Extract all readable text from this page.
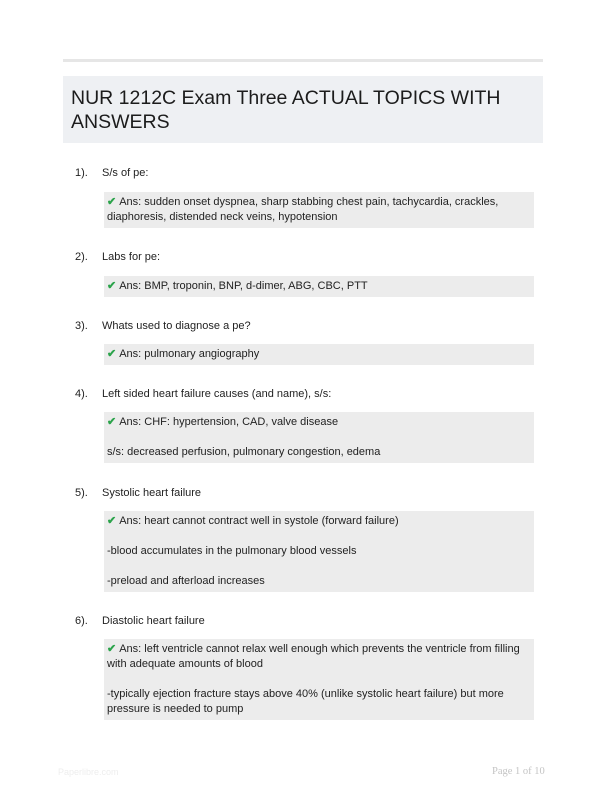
NUR 1212C Exam Three ACTUAL TOPICS WITH ANSWERS
1). S/s of pe:

✔ Ans: sudden onset dyspnea, sharp stabbing chest pain, tachycardia, crackles, diaphoresis, distended neck veins, hypotension

2). Labs for pe:

✔ Ans: BMP, troponin, BNP, d-dimer, ABG, CBC, PTT

3). Whats used to diagnose a pe?

✔ Ans: pulmonary angiography

4). Left sided heart failure causes (and name), s/s:

✔ Ans: CHF: hypertension, CAD, valve disease

s/s: decreased perfusion, pulmonary congestion, edema

5). Systolic heart failure

✔ Ans: heart cannot contract well in systole (forward failure)

-blood accumulates in the pulmonary blood vessels

-preload and afterload increases

6). Diastolic heart failure

✔ Ans: left ventricle cannot relax well enough which prevents the ventricle from filling with adequate amounts of blood

-typically ejection fracture stays above 40% (unlike systolic heart failure) but more pressure is needed to pump

Paperlibre.com	Page 1 of 10
